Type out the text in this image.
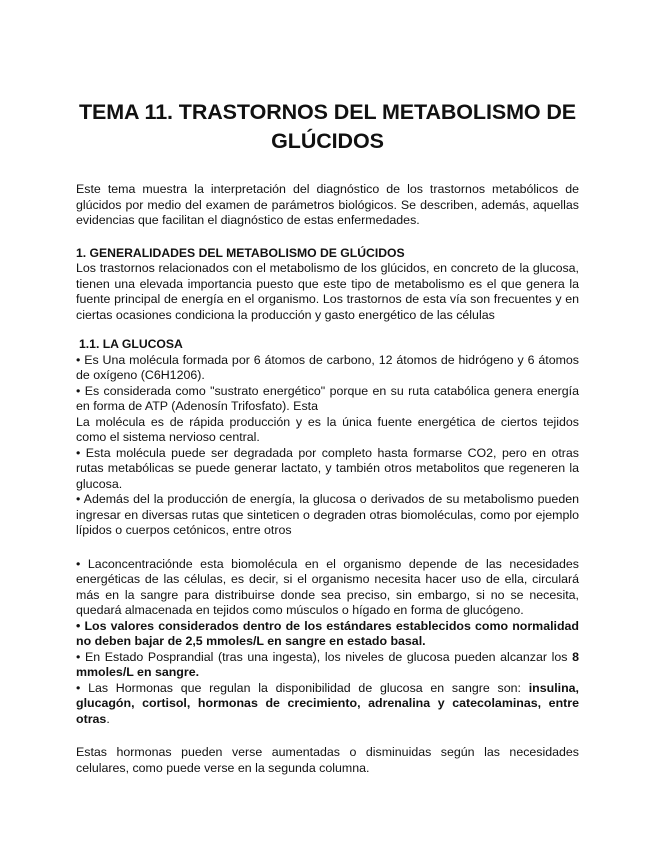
TEMA 11. TRASTORNOS DEL METABOLISMO DE
GLÚCIDOS

Este tema muestra la interpretación del diagnóstico de los trastornos metabólicos de glúcidos por medio del examen de parámetros biológicos. Se describen, además, aquellas evidencias que facilitan el diagnóstico de estas enfermedades.

1. GENERALIDADES DEL METABOLISMO DE GLÚCIDOS

Los trastornos relacionados con el metabolismo de los glúcidos, en concreto de la glucosa, tienen una elevada importancia puesto que este tipo de metabolismo es el que genera la fuente principal de energía en el organismo. Los trastornos de esta vía son frecuentes y en ciertas ocasiones condiciona la producción y gasto energético de las células

1.1. LA GLUCOSA

• Es Una molécula formada por 6 átomos de carbono, 12 átomos de hidrógeno y 6 átomos de oxígeno (C6H1206).

• Es considerada como "sustrato energético" porque en su ruta catabólica genera energía en forma de ATP (Adenosín Trifosfato). Esta

La molécula es de rápida producción y es la única fuente energética de ciertos tejidos como el sistema nervioso central.

• Esta molécula puede ser degradada por completo hasta formarse CO2, pero en otras rutas metabólicas se puede generar lactato, y también otros metabolitos que regeneren la glucosa.

• Además del la producción de energía, la glucosa o derivados de su metabolismo pueden ingresar en diversas rutas que sinteticen o degraden otras biomoléculas, como por ejemplo lípidos o cuerpos cetónicos, entre otros

• Laconcentraciónde esta biomolécula en el organismo depende de las necesidades energéticas de las células, es decir, si el organismo necesita hacer uso de ella, circulará más en la sangre para distribuirse donde sea preciso, sin embargo, si no se necesita, quedará almacenada en tejidos como músculos o hígado en forma de glucógeno.

• Los valores considerados dentro de los estándares establecidos como normalidad no deben bajar de 2,5 mmoles/L en sangre en estado basal.

• En Estado Posprandial (tras una ingesta), los niveles de glucosa pueden alcanzar los 8 mmoles/L en sangre.

• Las Hormonas que regulan la disponibilidad de glucosa en sangre son: insulina, glucagón, cortisol, hormonas de crecimiento, adrenalina y catecolaminas, entre otras.

Estas hormonas pueden verse aumentadas o disminuidas según las necesidades celulares, como puede verse en la segunda columna.
